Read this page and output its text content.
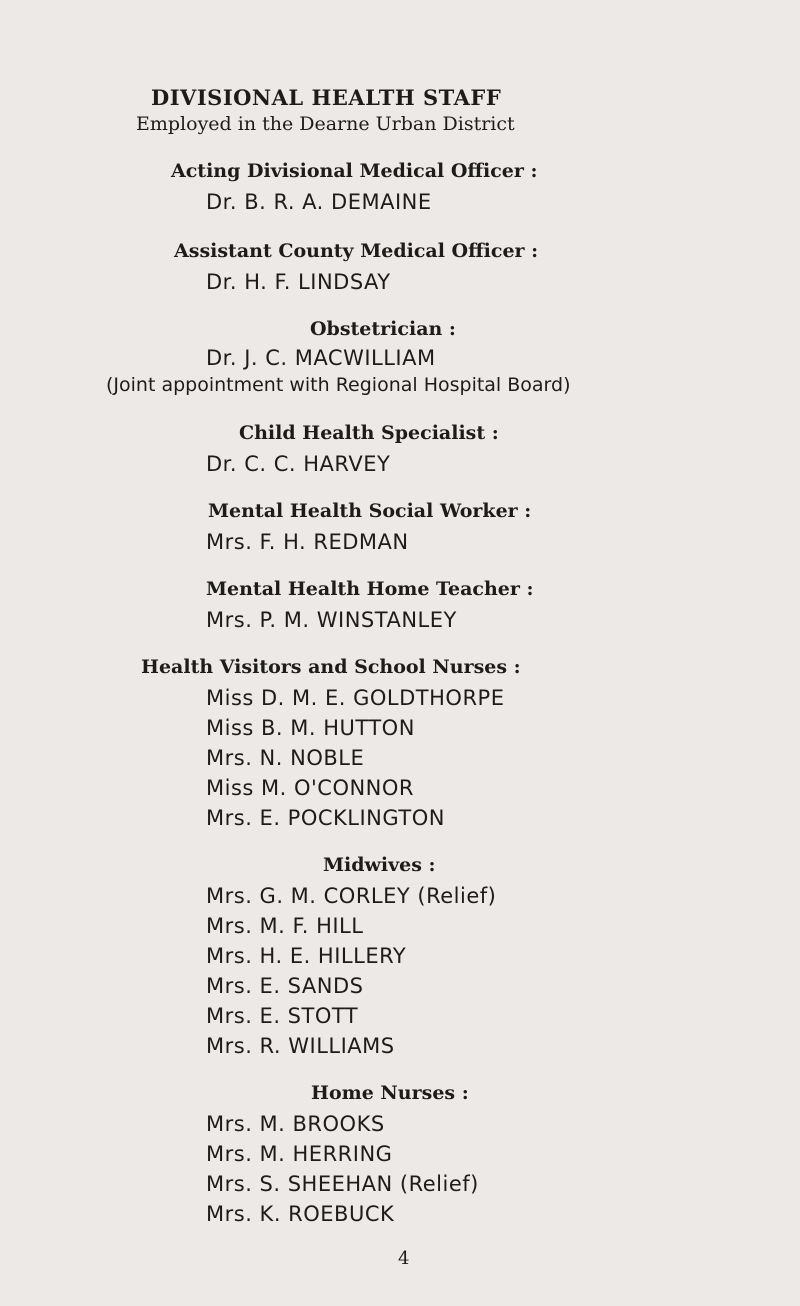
DIVISIONAL HEALTH STAFF

Employed in the Dearne Urban District

Acting Divisional Medical Officer :

Dr. B. R. A. DEMAINE

Assistant County Medical Officer :

Dr. H. F. LINDSAY

Obstetrician :

Dr. J. C. MACWILLIAM

(Joint appointment with Regional Hospital Board)

Child Health Specialist :

Dr. C. C. HARVEY

Mental Health Social Worker :

Mrs. F. H. REDMAN

Mental Health Home Teacher :

Mrs. P. M. WINSTANLEY

Health Visitors and School Nurses :

Miss D. M. E. GOLDTHORPE

Miss B. M. HUTTON

Mrs. N. NOBLE

Miss M. O'CONNOR

Mrs. E. POCKLINGTON

Midwives :

Mrs. G. M. CORLEY (Relief)

Mrs. M. F. HILL

Mrs. H. E. HILLERY

Mrs. E. SANDS

Mrs. E. STOTT

Mrs. R. WILLIAMS

Home Nurses :

Mrs. M. BROOKS

Mrs. M. HERRING

Mrs. S. SHEEHAN (Relief)

Mrs. K. ROEBUCK

4
